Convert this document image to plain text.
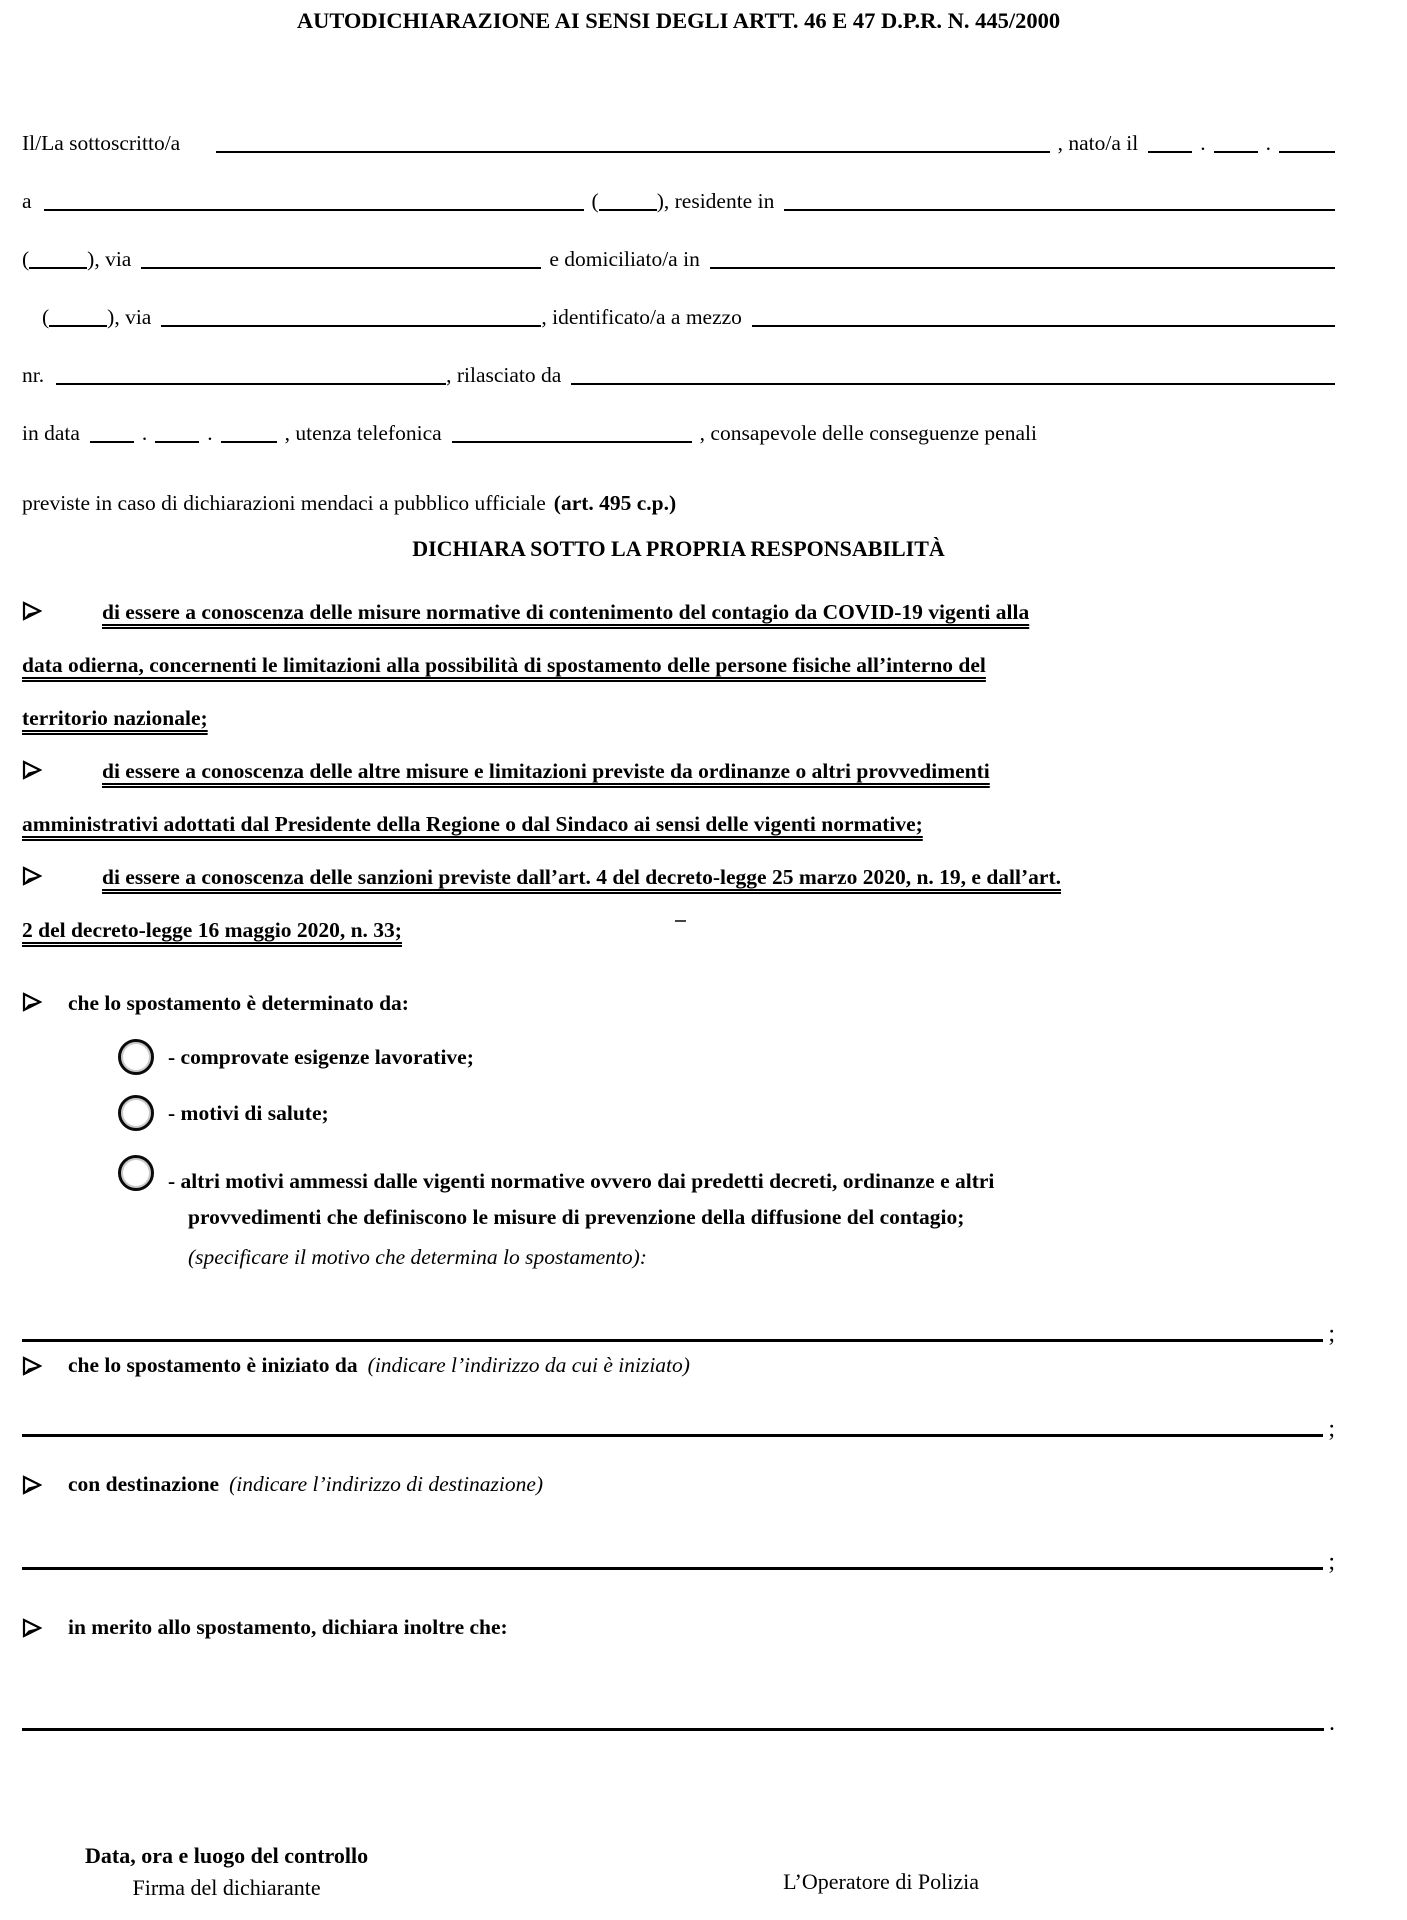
AUTODICHIARAZIONE AI SENSI DEGLI ARTT. 46 E 47 D.P.R. N. 445/2000
Il/La sottoscritto/a	, nato/a il	.	.
a	(	), residente in
(	), via	e domiciliato/a in
(	), via	, identificato/a a mezzo
nr.	, rilasciato da
in data	.	.	, utenza telefonica	, consapevole delle conseguenze penali
previste in caso di dichiarazioni mendaci a pubblico ufficiale (art. 495 c.p.)
DICHIARA SOTTO LA PROPRIA RESPONSABILITÀ
di essere a conoscenza delle misure normative di contenimento del contagio da COVID-19 vigenti alla
data odierna, concernenti le limitazioni alla possibilità di spostamento delle persone fisiche all’interno del
territorio nazionale;
di essere a conoscenza delle altre misure e limitazioni previste da ordinanze o altri provvedimenti
amministrativi adottati dal Presidente della Regione o dal Sindaco ai sensi delle vigenti normative;
di essere a conoscenza delle sanzioni previste dall’art. 4 del decreto-legge 25 marzo 2020, n. 19, e dall’art.
2 del decreto-legge 16 maggio 2020, n. 33;
che lo spostamento è determinato da:
- comprovate esigenze lavorative;
- motivi di salute;
- altri motivi ammessi dalle vigenti normative ovvero dai predetti decreti, ordinanze e altri
provvedimenti che definiscono le misure di prevenzione della diffusione del contagio;
(specificare il motivo che determina lo spostamento):
;
che lo spostamento è iniziato da (indicare l’indirizzo da cui è iniziato)
;
con destinazione (indicare l’indirizzo di destinazione)
;
in merito allo spostamento, dichiara inoltre che:
.
Data, ora e luogo del controllo
Firma del dichiarante	L’Operatore di Polizia
